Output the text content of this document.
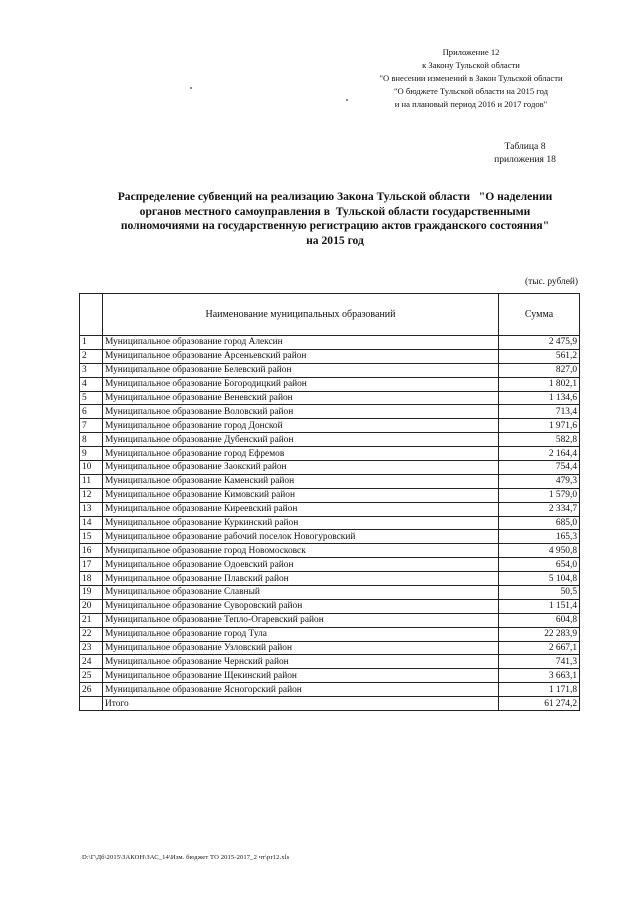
Приложение 12
к Закону Тульской области
"О внесении изменений в Закон Тульской области
"О бюджете Тульской области на 2015 год
и на плановый период 2016 и 2017 годов"
Таблица 8
приложения 18
Распределение субвенций на реализацию Закона Тульской области   "О наделении
органов местного самоуправления в  Тульской области государственными
полномочиями на государственную регистрацию актов гражданского состояния"
на 2015 год
(тыс. рублей)
	Наименование муниципальных образований	Сумма
1	Муниципальное образование город Алексин	2 475,9
2	Муниципальное образование Арсеньевский район	561,2
3	Муниципальное образование Белевский район	827,0
4	Муниципальное образование Богородицкий район	1 802,1
5	Муниципальное образование Веневский район	1 134,6
6	Муниципальное образование Воловский район	713,4
7	Муниципальное образование город Донской	1 971,6
8	Муниципальное образование Дубенский район	582,8
9	Муниципальное образование город Ефремов	2 164,4
10	Муниципальное образование Заокский район	754,4
11	Муниципальное образование Каменский район	479,3
12	Муниципальное образование Кимовский район	1 579,0
13	Муниципальное образование Киреевский район	2 334,7
14	Муниципальное образование Куркинский район	685,0
15	Муниципальное образование рабочий поселок Новогуровский	165,3
16	Муниципальное образование город Новомосковск	4 950,8
17	Муниципальное образование Одоевский район	654,0
18	Муниципальное образование Плавский район	5 104,8
19	Муниципальное образование Славный	50,5
20	Муниципальное образование Суворовский район	1 151,4
21	Муниципальное образование Тепло-Огаревский район	604,8
22	Муниципальное образование город Тула	22 283,9
23	Муниципальное образование Узловский район	2 667,1
24	Муниципальное образование Чернский район	741,3
25	Муниципальное образование Щекинский район	3 663,1
26	Муниципальное образование Ясногорский район	1 171,8
	Итого	61 274,2
D:\Г\Дб\2015\ЗАКОН\ЗАС_14\Изм. бюджет ТО 2015-2017_2 чт\pr12.xls
